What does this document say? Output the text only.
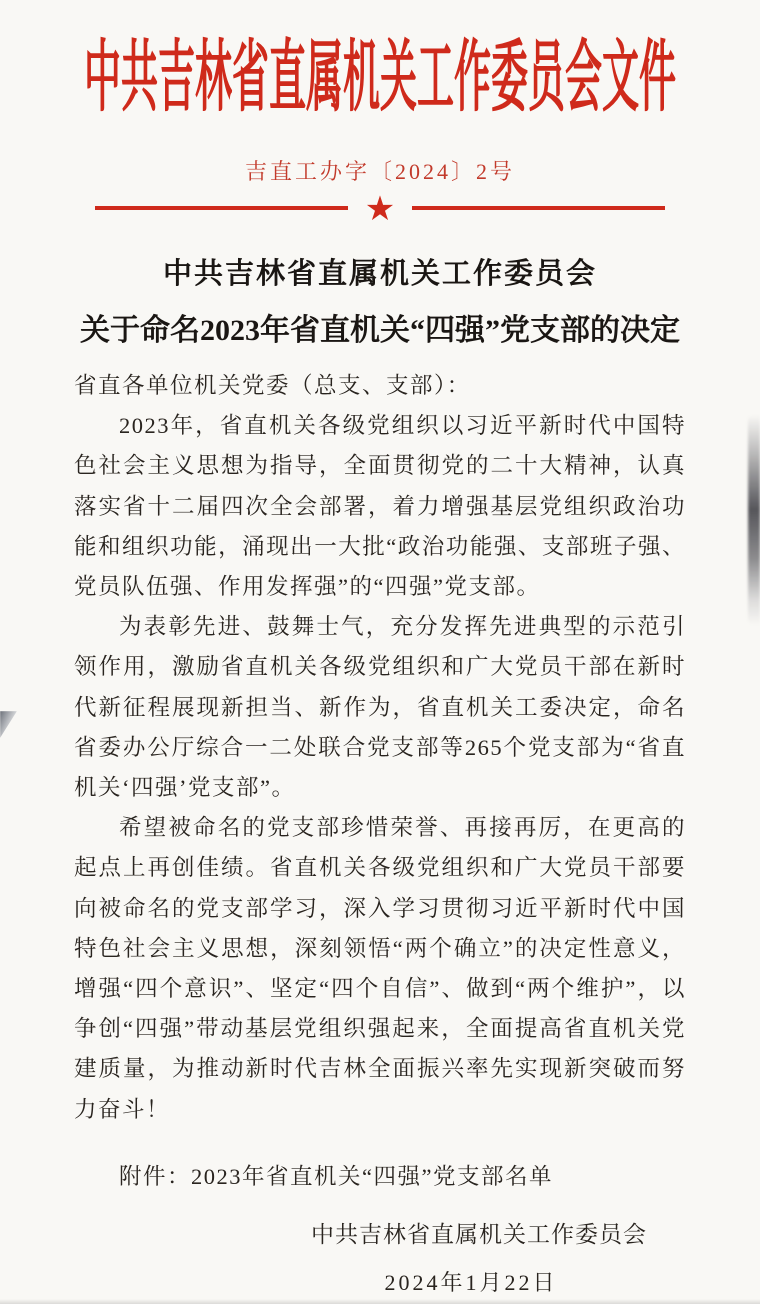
中共吉林省直属机关工作委员会文件
吉直工办字〔2024〕2号
★
中共吉林省直属机关工作委员会
关于命名2023年省直机关“四强”党支部的决定

省直各单位机关党委（总支、支部）：

2023年，省直机关各级党组织以习近平新时代中国特色社会主义思想为指导，全面贯彻党的二十大精神，认真落实省十二届四次全会部署，着力增强基层党组织政治功能和组织功能，涌现出一大批“政治功能强、支部班子强、党员队伍强、作用发挥强”的“四强”党支部。

为表彰先进、鼓舞士气，充分发挥先进典型的示范引领作用，激励省直机关各级党组织和广大党员干部在新时代新征程展现新担当、新作为，省直机关工委决定，命名省委办公厅综合一二处联合党支部等265个党支部为“省直机关‘四强’党支部”。

希望被命名的党支部珍惜荣誉、再接再厉，在更高的起点上再创佳绩。省直机关各级党组织和广大党员干部要向被命名的党支部学习，深入学习贯彻习近平新时代中国特色社会主义思想，深刻领悟“两个确立”的决定性意义，增强“四个意识”、坚定“四个自信”、做到“两个维护”，以争创“四强”带动基层党组织强起来，全面提高省直机关党建质量，为推动新时代吉林全面振兴率先实现新突破而努力奋斗！

附件：2023年省直机关“四强”党支部名单

中共吉林省直属机关工作委员会
2024年1月22日
